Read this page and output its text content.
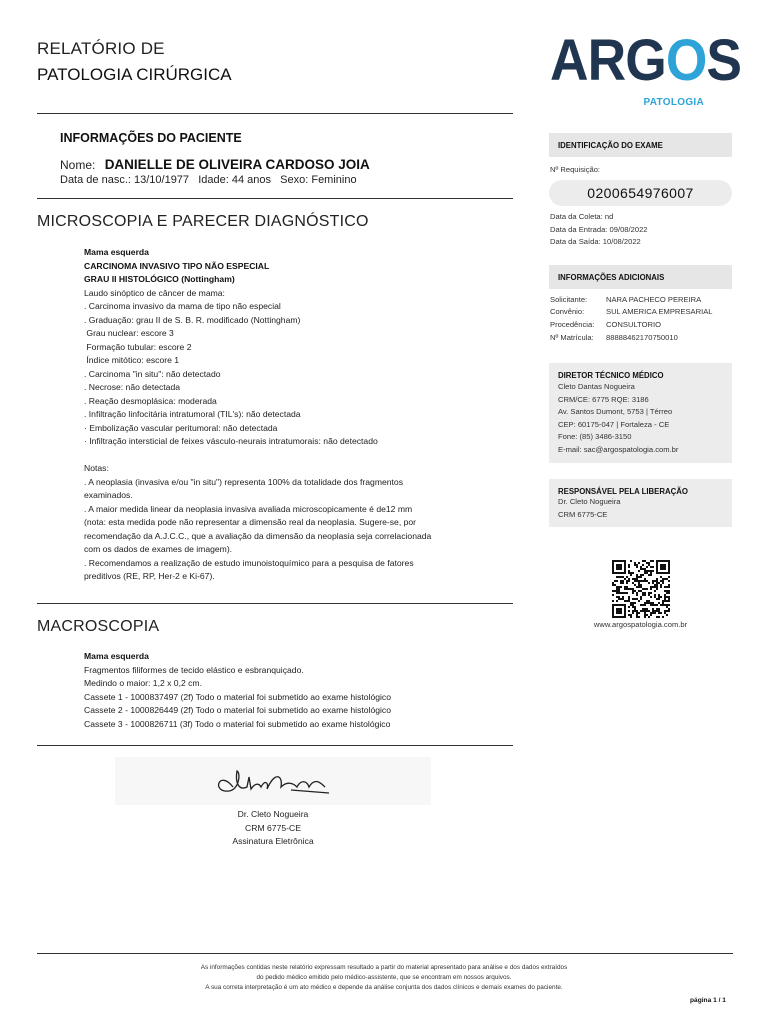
RELATÓRIO DE
PATOLOGIA CIRÚRGICA	ARGOS
PATOLOGIA
INFORMAÇÕES DO PACIENTE
Nome: DANIELLE DE OLIVEIRA CARDOSO JOIA
Data de nasc.: 13/10/1977   Idade: 44 anos   Sexo: Feminino
MICROSCOPIA E PARECER DIAGNÓSTICO
Mama esquerda
CARCINOMA INVASIVO TIPO NÃO ESPECIAL
GRAU II HISTOLÓGICO (Nottingham)
Laudo sinóptico de câncer de mama:
. Carcinoma invasivo da mama de tipo não especial
. Graduação: grau II de S. B. R. modificado (Nottingham)
Grau nuclear: escore 3
Formação tubular: escore 2
Índice mitótico: escore 1
. Carcinoma "in situ": não detectado
. Necrose: não detectada
. Reação desmoplásica: moderada
. Infiltração linfocitária intratumoral (TIL's): não detectada
· Embolização vascular peritumoral: não detectada
· Infiltração intersticial de feixes vásculo-neurais intratumorais: não detectado
Notas:
. A neoplasia (invasiva e/ou "in situ") representa 100% da totalidade dos fragmentos
examinados.
. A maior medida linear da neoplasia invasiva avaliada microscopicamente é de12 mm
(nota: esta medida pode não representar a dimensão real da neoplasia. Sugere-se, por
recomendação da A.J.C.C., que a avaliação da dimensão da neoplasia seja correlacionada
com os dados de exames de imagem).
. Recomendamos a realização de estudo imunoistoquímico para a pesquisa de fatores
preditivos (RE, RP, Her-2 e Ki-67).
MACROSCOPIA
Mama esquerda
Fragmentos filiformes de tecido elástico e esbranquiçado.
Medindo o maior: 1,2 x 0,2 cm.
Cassete 1 - 1000837497 (2f) Todo o material foi submetido ao exame histológico
Cassete 2 - 1000826449 (2f) Todo o material foi submetido ao exame histológico
Cassete 3 - 1000826711 (3f) Todo o material foi submetido ao exame histológico
Dr. Cleto Nogueira
CRM 6775-CE
Assinatura Eletrônica
IDENTIFICAÇÃO DO EXAME
Nº Requisição:
0200654976007
Data da Coleta: nd
Data da Entrada: 09/08/2022
Data da Saída: 10/08/2022
INFORMAÇÕES ADICIONAIS
Solicitante: NARA PACHECO PEREIRA
Convênio:	SUL AMERICA EMPRESARIAL
Procedência: CONSULTORIO
Nº Matrícula: 88888462170750010
DIRETOR TÉCNICO MÉDICO
Cleto Dantas Nogueira
CRM/CE: 6775 RQE: 3186
Av. Santos Dumont, 5753 | Térreo
CEP: 60175-047 | Fortaleza - CE
Fone: (85) 3486-3150
E-mail: sac@argospatologia.com.br
RESPONSÁVEL PELA LIBERAÇÃO
Dr. Cleto Nogueira
CRM 6775-CE
www.argospatologia.com.br
As informações contidas neste relatório expressam resultado a partir do material apresentado para análise e dos dados extraídos
do pedido médico emitido pelo médico-assistente, que se encontram em nossos arquivos.
A sua correta interpretação é um ato médico e depende da análise conjunta dos dados clínicos e demais exames do paciente.
página 1 / 1
